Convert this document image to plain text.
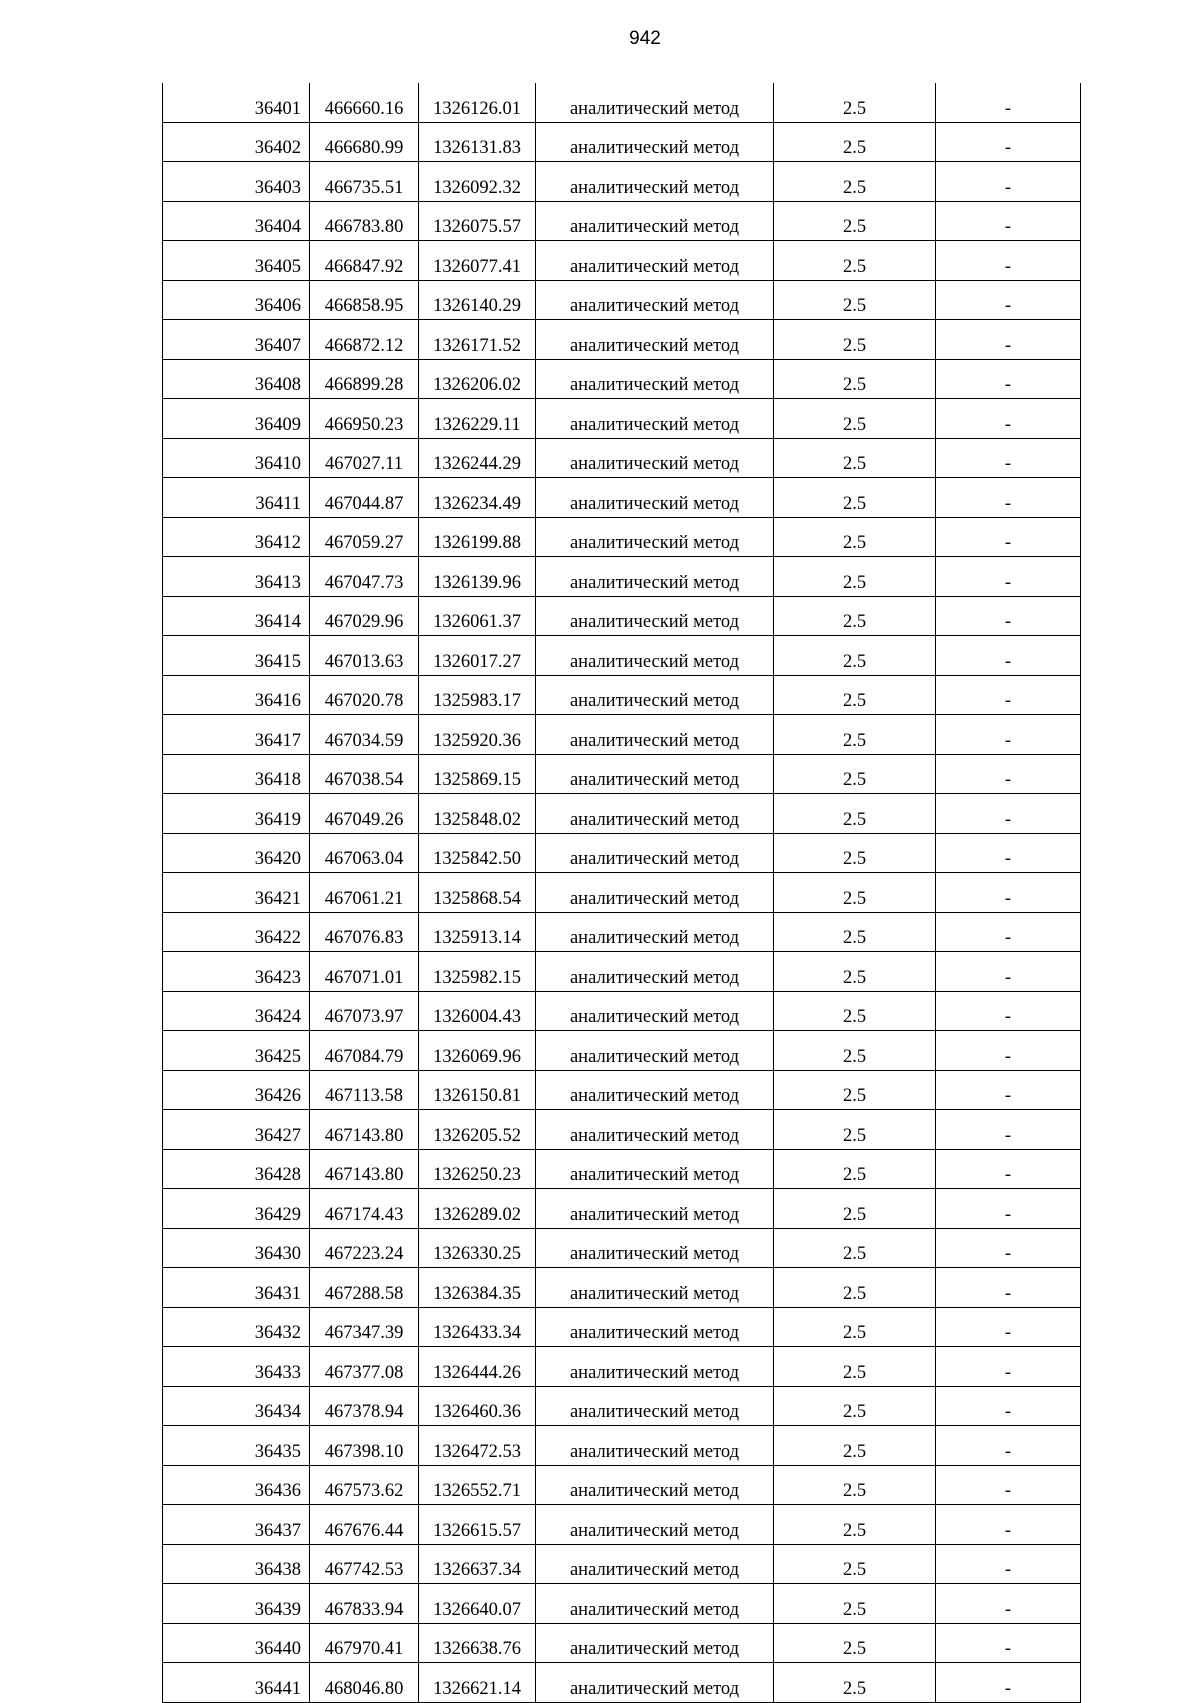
942
36401	466660.16	1326126.01	аналитический метод	2.5	-
36402	466680.99	1326131.83	аналитический метод	2.5	-
36403	466735.51	1326092.32	аналитический метод	2.5	-
36404	466783.80	1326075.57	аналитический метод	2.5	-
36405	466847.92	1326077.41	аналитический метод	2.5	-
36406	466858.95	1326140.29	аналитический метод	2.5	-
36407	466872.12	1326171.52	аналитический метод	2.5	-
36408	466899.28	1326206.02	аналитический метод	2.5	-
36409	466950.23	1326229.11	аналитический метод	2.5	-
36410	467027.11	1326244.29	аналитический метод	2.5	-
36411	467044.87	1326234.49	аналитический метод	2.5	-
36412	467059.27	1326199.88	аналитический метод	2.5	-
36413	467047.73	1326139.96	аналитический метод	2.5	-
36414	467029.96	1326061.37	аналитический метод	2.5	-
36415	467013.63	1326017.27	аналитический метод	2.5	-
36416	467020.78	1325983.17	аналитический метод	2.5	-
36417	467034.59	1325920.36	аналитический метод	2.5	-
36418	467038.54	1325869.15	аналитический метод	2.5	-
36419	467049.26	1325848.02	аналитический метод	2.5	-
36420	467063.04	1325842.50	аналитический метод	2.5	-
36421	467061.21	1325868.54	аналитический метод	2.5	-
36422	467076.83	1325913.14	аналитический метод	2.5	-
36423	467071.01	1325982.15	аналитический метод	2.5	-
36424	467073.97	1326004.43	аналитический метод	2.5	-
36425	467084.79	1326069.96	аналитический метод	2.5	-
36426	467113.58	1326150.81	аналитический метод	2.5	-
36427	467143.80	1326205.52	аналитический метод	2.5	-
36428	467143.80	1326250.23	аналитический метод	2.5	-
36429	467174.43	1326289.02	аналитический метод	2.5	-
36430	467223.24	1326330.25	аналитический метод	2.5	-
36431	467288.58	1326384.35	аналитический метод	2.5	-
36432	467347.39	1326433.34	аналитический метод	2.5	-
36433	467377.08	1326444.26	аналитический метод	2.5	-
36434	467378.94	1326460.36	аналитический метод	2.5	-
36435	467398.10	1326472.53	аналитический метод	2.5	-
36436	467573.62	1326552.71	аналитический метод	2.5	-
36437	467676.44	1326615.57	аналитический метод	2.5	-
36438	467742.53	1326637.34	аналитический метод	2.5	-
36439	467833.94	1326640.07	аналитический метод	2.5	-
36440	467970.41	1326638.76	аналитический метод	2.5	-
36441	468046.80	1326621.14	аналитический метод	2.5	-
